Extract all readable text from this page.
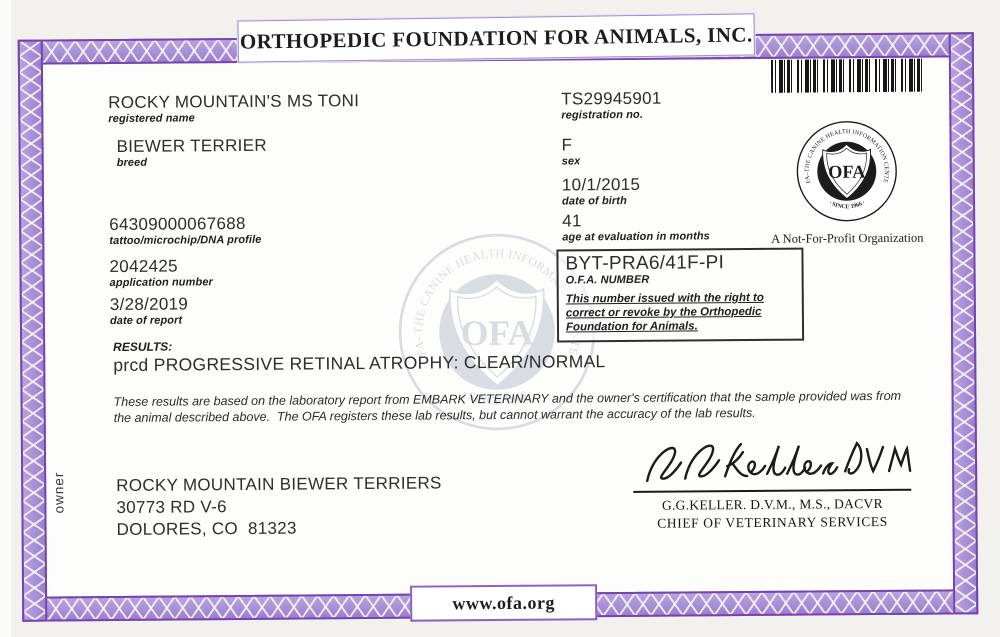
ORTHOPEDIC FOUNDATION FOR ANIMALS, INC.
ROCKY MOUNTAIN'S MS TONI
registered name
BIEWER TERRIER
breed
64309000067688
tattoo/microchip/DNA profile
2042425
application number
3/28/2019
date of report
TS29945901
registration no.
F
sex
10/1/2015
date of birth
41
age at evaluation in months	A Not-For-Profit Organization
BYT-PRA6/41F-PI
O.F.A. NUMBER
This number issued with the right to correct or revoke by the Orthopedic Foundation for Animals.
RESULTS:
prcd PROGRESSIVE RETINAL ATROPHY: CLEAR/NORMAL
These results are based on the laboratory report from EMBARK VETERINARY and the owner's certification that the sample provided was from the animal described above.  The OFA registers these lab results, but cannot warrant the accuracy of the lab results.
owner	ROCKY MOUNTAIN BIEWER TERRIERS
30773 RD V-6
DOLORES, CO  81323
G.G.KELLER. D.V.M., M.S., DACVR
CHIEF OF VETERINARY SERVICES
www.ofa.org
